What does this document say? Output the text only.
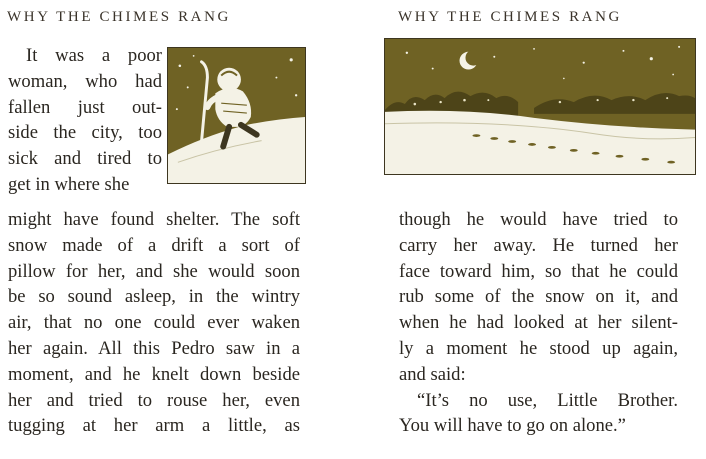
WHY THE CHIMES RANG
It was a poor
woman, who had
fallen just out-
side the city, too
sick and tired to
get in where she
might have found shelter. The soft
snow made of a drift a sort of
pillow for her, and she would soon
be so sound asleep, in the wintry
air, that no one could ever waken
her again. All this Pedro saw in a
moment, and he knelt down beside
her and tried to rouse her, even
tugging at her arm a little, as
WHY THE CHIMES RANG
though he would have tried to
carry her away. He turned her
face toward him, so that he could
rub some of the snow on it, and
when he had looked at her silent-
ly a moment he stood up again,
and said:
“It’s no use, Little Brother.
You will have to go on alone.”
